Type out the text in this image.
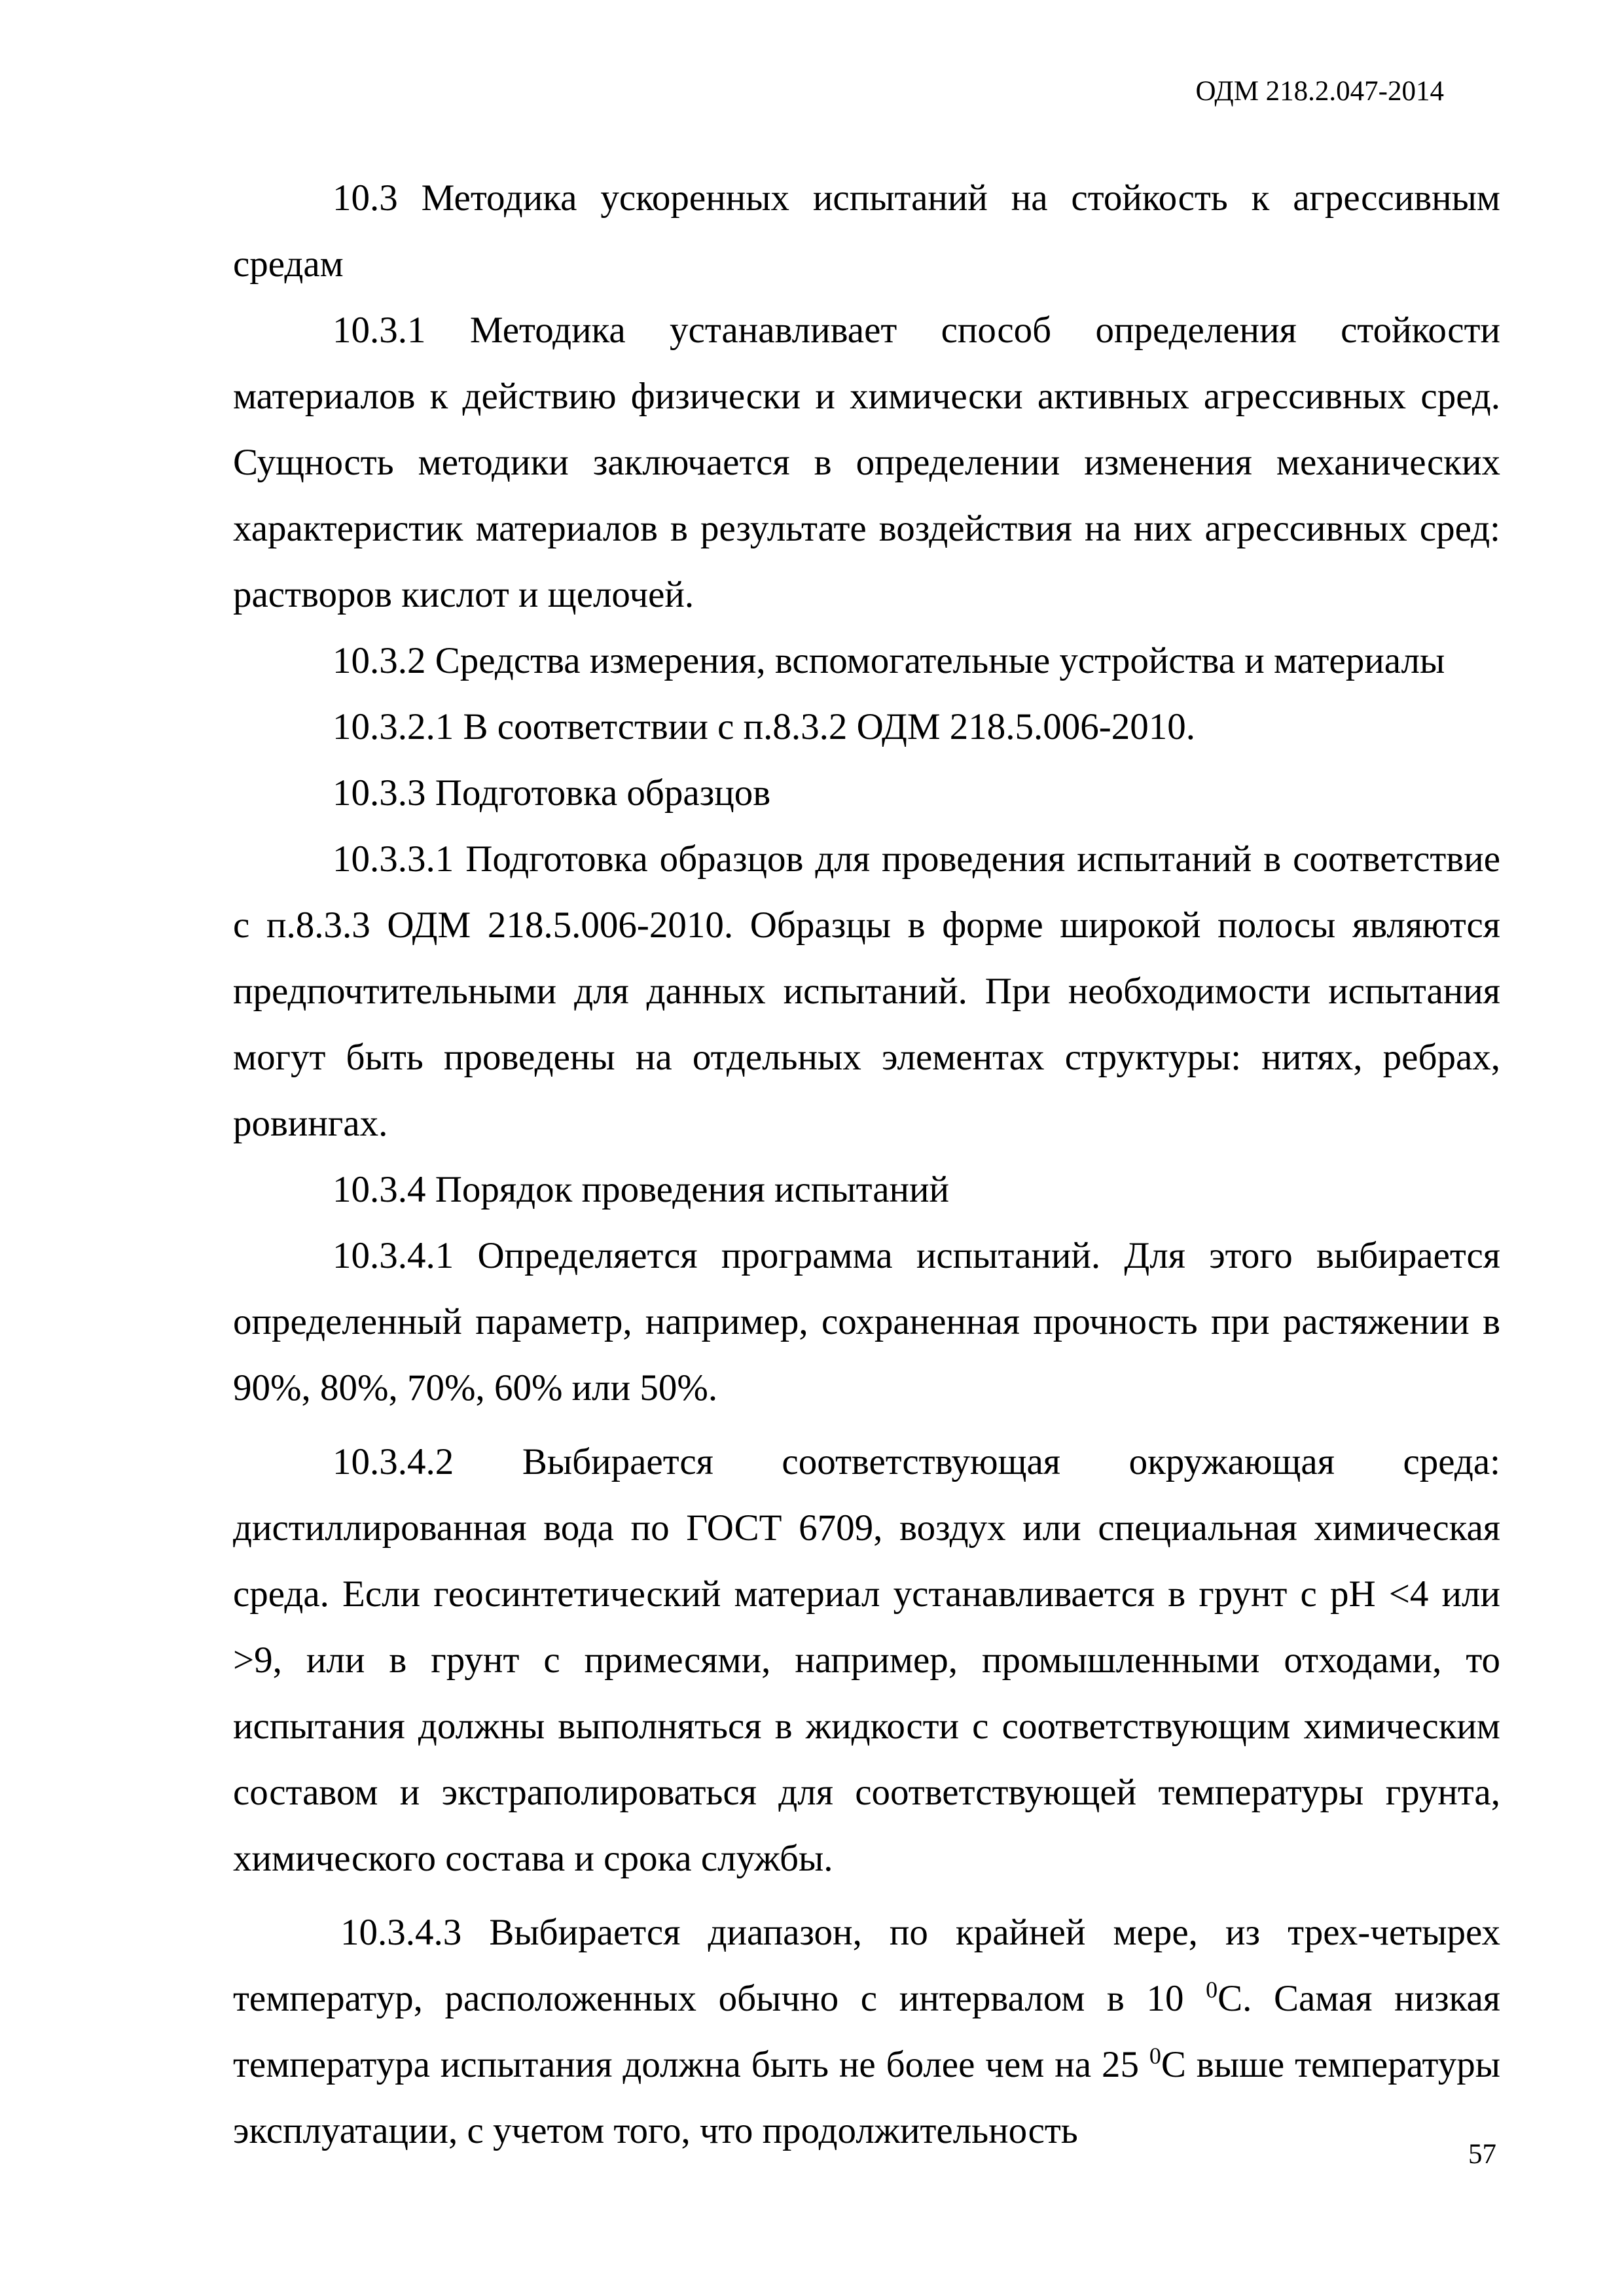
ОДМ 218.2.047-2014

10.3 Методика ускоренных испытаний на стойкость к агрессивным средам

10.3.1 Методика устанавливает способ определения стойкости материалов к действию физически и химически активных агрессивных сред. Сущность методики заключается в определении изменения механических характеристик материалов в результате воздействия на них агрессивных сред: растворов кислот и щелочей.

10.3.2 Средства измерения, вспомогательные устройства и материалы

10.3.2.1 В соответствии с п.8.3.2 ОДМ 218.5.006-2010.

10.3.3 Подготовка образцов

10.3.3.1 Подготовка образцов для проведения испытаний в соответствие с п.8.3.3 ОДМ 218.5.006-2010. Образцы в форме широкой полосы являются предпочтительными для данных испытаний. При необходимости испытания могут быть проведены на отдельных элементах структуры: нитях, ребрах, ровингах.

10.3.4 Порядок проведения испытаний

10.3.4.1 Определяется программа испытаний. Для этого выбирается определенный параметр, например, сохраненная прочность при растяжении в 90%, 80%, 70%, 60% или 50%.

10.3.4.2 Выбирается соответствующая окружающая среда: дистиллированная вода по ГОСТ 6709, воздух или специальная химическая среда. Если геосинтетический материал устанавливается в грунт с pH <4 или >9, или в грунт с примесями, например, промышленными отходами, то испытания должны выполняться в жидкости с соответствующим химическим составом и экстраполироваться для соответствующей температуры грунта, химического состава и срока службы.

10.3.4.3 Выбирается диапазон, по крайней мере, из трех-четырех температур, расположенных обычно с интервалом в 10 $^0$С. Самая низкая температура испытания должна быть не более чем на 25 $^0$С выше температуры эксплуатации, с учетом того, что продолжительность

57
